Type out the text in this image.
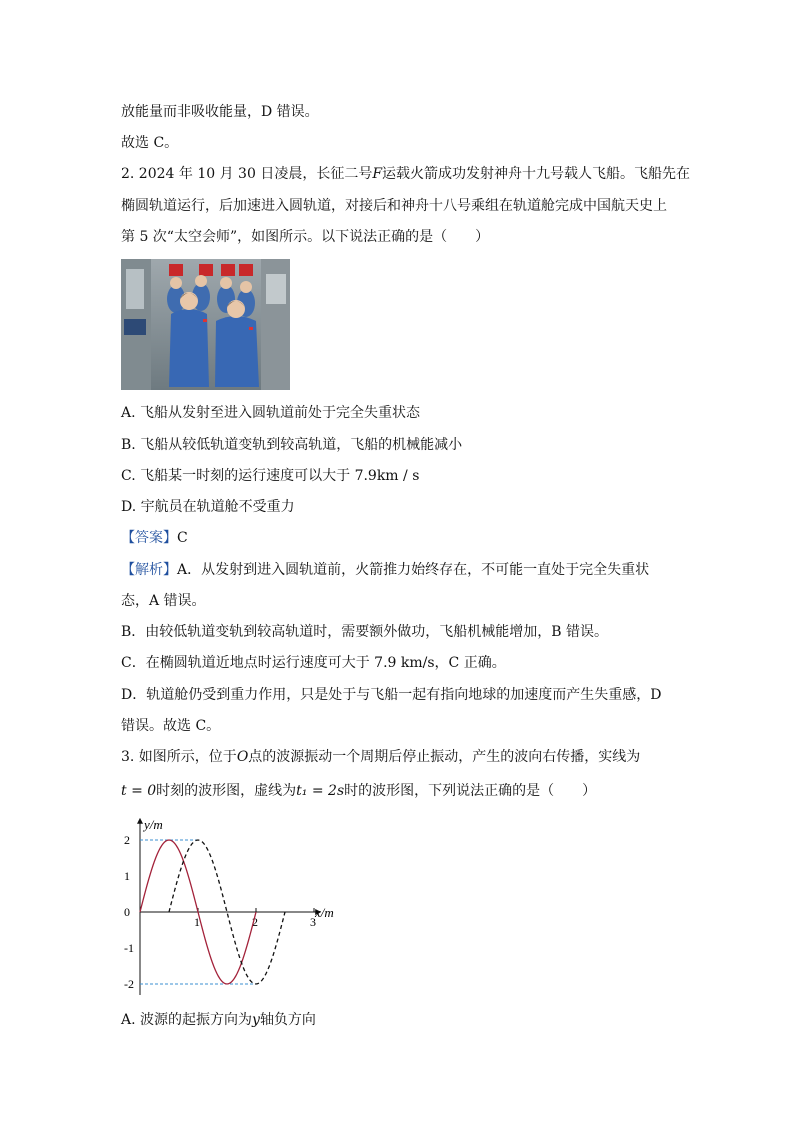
放能量而非吸收能量，D 错误。
故选 C。
2. 2024 年 10 月 30 日凌晨，长征二号F运载火箭成功发射神舟十九号载人飞船。飞船先在
椭圆轨道运行，后加速进入圆轨道，对接后和神舟十八号乘组在轨道舱完成中国航天史上
第 5 次“太空会师”，如图所示。以下说法正确的是（　　）
A. 飞船从发射至进入圆轨道前处于完全失重状态
B. 飞船从较低轨道变轨到较高轨道，飞船的机械能减小
C. 飞船某一时刻的运行速度可以大于 7.9km / s
D. 宇航员在轨道舱不受重力
【答案】C
【解析】A．从发射到进入圆轨道前，火箭推力始终存在，不可能一直处于完全失重状
态，A 错误。
B．由较低轨道变轨到较高轨道时，需要额外做功，飞船机械能增加，B 错误。
C．在椭圆轨道近地点时运行速度可大于 7.9 km/s，C 正确。
D．轨道舱仍受到重力作用，只是处于与飞船一起有指向地球的加速度而产生失重感，D
错误。故选 C。
3. 如图所示，位于O点的波源振动一个周期后停止振动，产生的波向右传播，实线为
t = 0时刻的波形图，虚线为t₁ = 2s时的波形图，下列说法正确的是（　　）
y/m
x/m
2
1
0
-1
-2
1	2	3
A. 波源的起振方向为y轴负方向
